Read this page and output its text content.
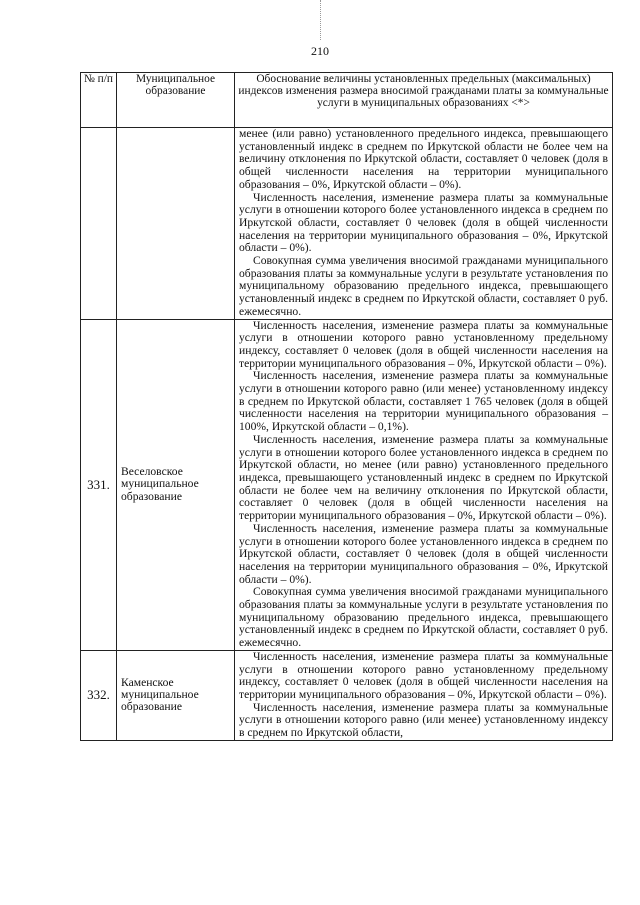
210
№ п/п	Муниципальное образование	Обоснование величины установленных предельных (максимальных) индексов изменения размера вносимой гражданами платы за коммунальные услуги в муниципальных образованиях <*>

		менее (или равно) установленного предельного индекса, превышающего установленный индекс в среднем по Иркутской области не более чем на величину отклонения по Иркутской области, составляет 0 человек (доля в общей численности населения на территории муниципального образования – 0%, Иркутской области – 0%).

Численность населения, изменение размера платы за коммунальные услуги в отношении которого более установленного индекса в среднем по Иркутской области, составляет 0 человек (доля в общей численности населения на территории муниципального образования – 0%, Иркутской области – 0%).

Совокупная сумма увеличения вносимой гражданами муниципального образования платы за коммунальные услуги в результате установления по муниципальному образованию предельного индекса, превышающего установленный индекс в среднем по Иркутской области, составляет 0 руб. ежемесячно.

331.	Веселовское муниципальное образование	Численность населения, изменение размера платы за коммунальные услуги в отношении которого равно установленному предельному индексу, составляет 0 человек (доля в общей численности населения на территории муниципального образования – 0%, Иркутской области – 0%).

Численность населения, изменение размера платы за коммунальные услуги в отношении которого равно (или менее) установленному индексу в среднем по Иркутской области, составляет 1 765 человек (доля в общей численности населения на территории муниципального образования – 100%, Иркутской области – 0,1%).

Численность населения, изменение размера платы за коммунальные услуги в отношении которого более установленного индекса в среднем по Иркутской области, но менее (или равно) установленного предельного индекса, превышающего установленный индекс в среднем по Иркутской области не более чем на величину отклонения по Иркутской области, составляет 0 человек (доля в общей численности населения на территории муниципального образования – 0%, Иркутской области – 0%).

Численность населения, изменение размера платы за коммунальные услуги в отношении которого более установленного индекса в среднем по Иркутской области, составляет 0 человек (доля в общей численности населения на территории муниципального образования – 0%, Иркутской области – 0%).

Совокупная сумма увеличения вносимой гражданами муниципального образования платы за коммунальные услуги в результате установления по муниципальному образованию предельного индекса, превышающего установленный индекс в среднем по Иркутской области, составляет 0 руб. ежемесячно.

332.	Каменское муниципальное образование	Численность населения, изменение размера платы за коммунальные услуги в отношении которого равно установленному предельному индексу, составляет 0 человек (доля в общей численности населения на территории муниципального образования – 0%, Иркутской области – 0%).

Численность населения, изменение размера платы за коммунальные услуги в отношении которого равно (или менее) установленному индексу в среднем по Иркутской области,
